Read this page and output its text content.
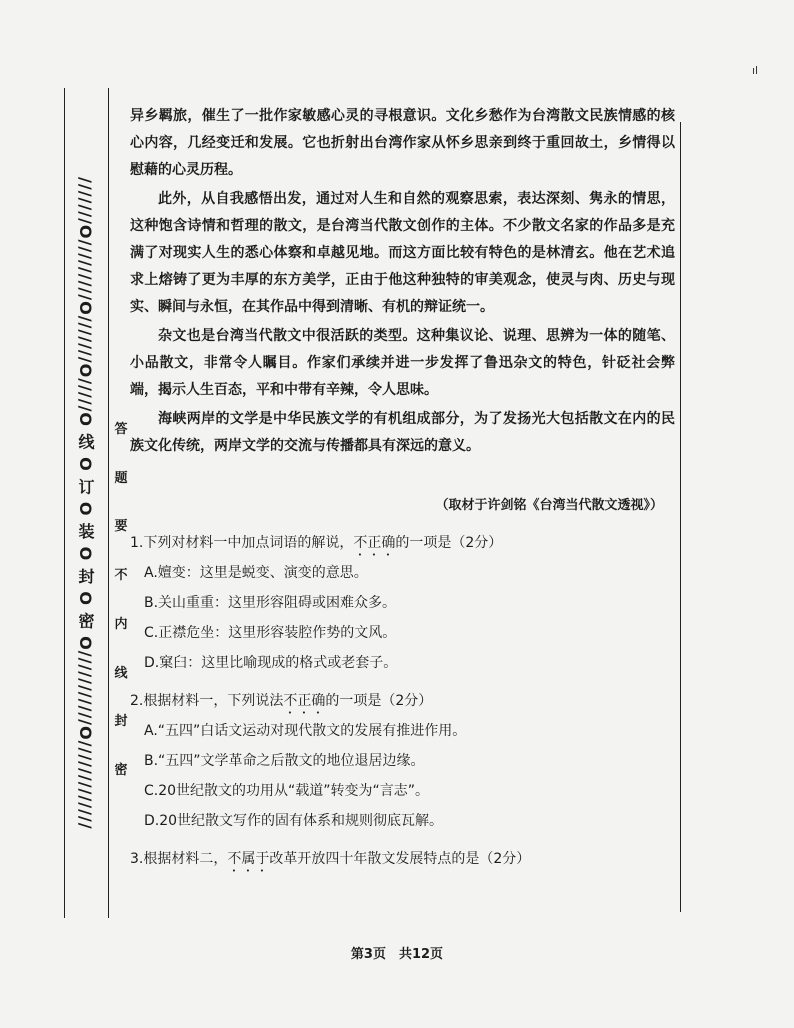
ıl
///////O/////////O///////O/////O 线 O 订 O 装 O 封 O 密 O///////////O/////////////	答
题
要
不
内
线
封
密

异乡羁旅，催生了一批作家敏感心灵的寻根意识。文化乡愁作为台湾散文民族情感的核心内容，几经变迁和发展。它也折射出台湾作家从怀乡思亲到终于重回故土，乡情得以慰藉的心灵历程。

此外，从自我感悟出发，通过对人生和自然的观察思索，表达深刻、隽永的情思，这种饱含诗情和哲理的散文，是台湾当代散文创作的主体。不少散文名家的作品多是充满了对现实人生的悉心体察和卓越见地。而这方面比较有特色的是林清玄。他在艺术追求上熔铸了更为丰厚的东方美学，正由于他这种独特的审美观念，使灵与肉、历史与现实、瞬间与永恒，在其作品中得到清晰、有机的辩证统一。

杂文也是台湾当代散文中很活跃的类型。这种集议论、说理、思辨为一体的随笔、小品散文，非常令人瞩目。作家们承续并进一步发挥了鲁迅杂文的特色，针砭社会弊端，揭示人生百态，平和中带有辛辣，令人思味。

海峡两岸的文学是中华民族文学的有机组成部分，为了发扬光大包括散文在内的民族文化传统，两岸文学的交流与传播都具有深远的意义。

（取材于许剑铭《台湾当代散文透视》）

1.下列对材料一中加点词语的解说，不正确的一项是（2分）

A.嬗变：这里是蜕变、演变的意思。

B.关山重重：这里形容阻碍或困难众多。

C.正襟危坐：这里形容装腔作势的文风。

D.窠臼：这里比喻现成的格式或老套子。

2.根据材料一，下列说法不正确的一项是（2分）

A.“五四”白话文运动对现代散文的发展有推进作用。

B.“五四”文学革命之后散文的地位退居边缘。

C.20世纪散文的功用从“载道”转变为“言志”。

D.20世纪散文写作的固有体系和规则彻底瓦解。

3.根据材料二，不属于改革开放四十年散文发展特点的是（2分）

第3页　共12页
